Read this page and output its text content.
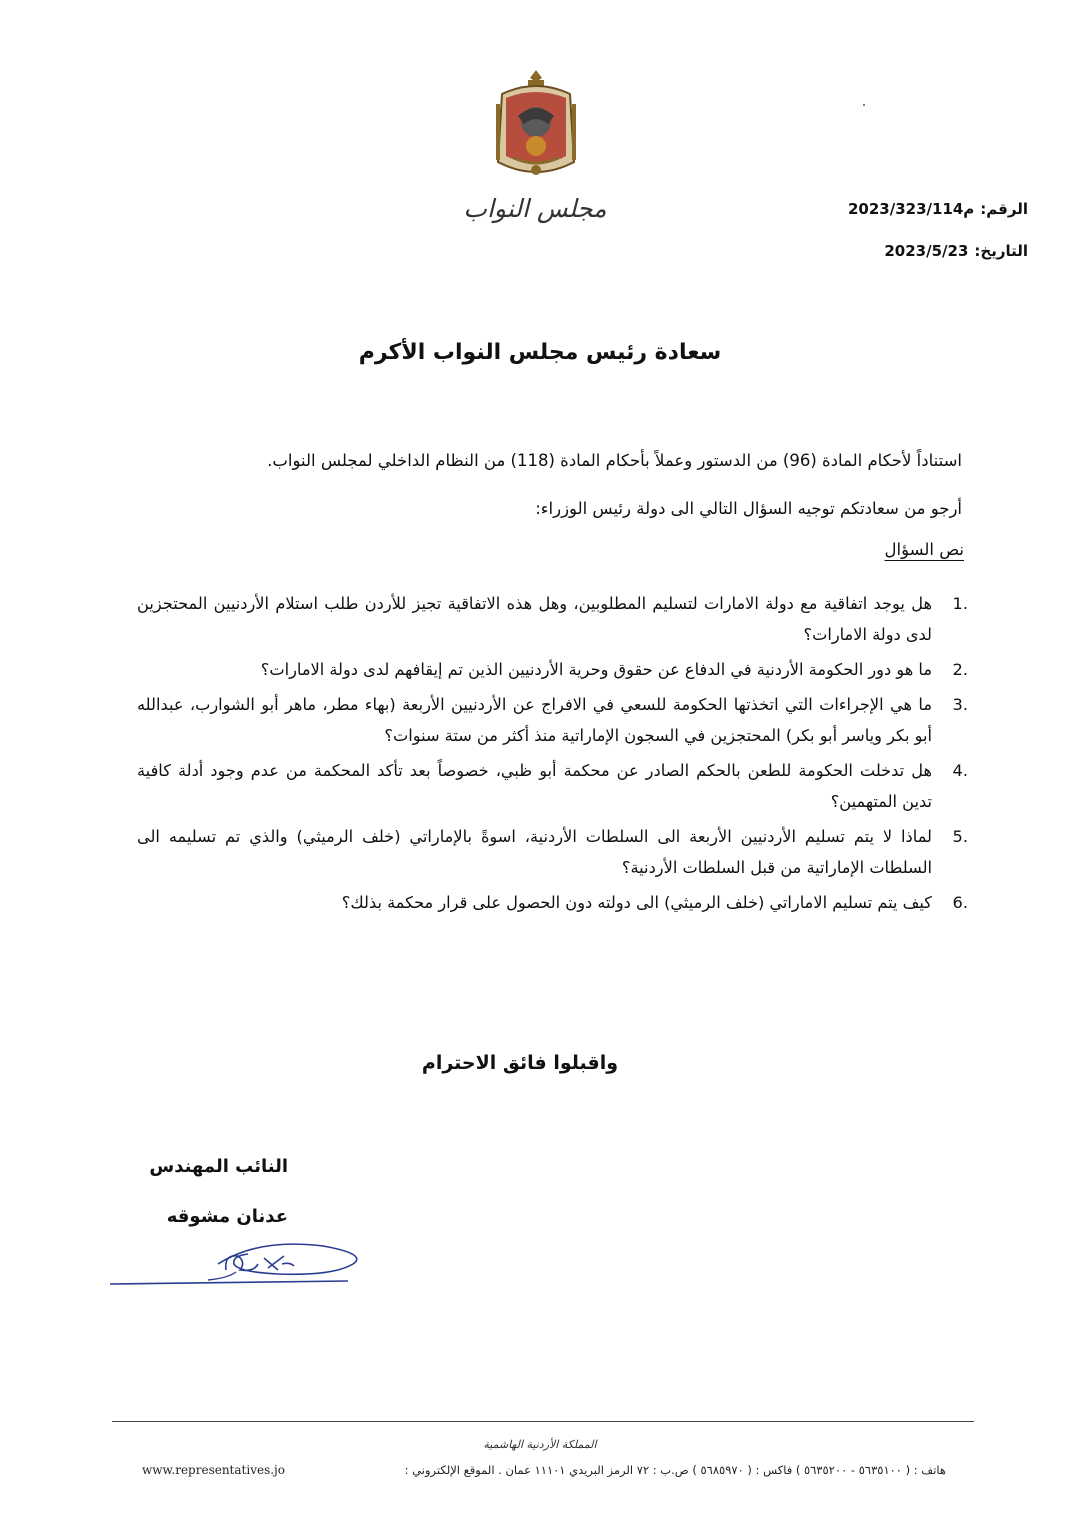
مجلس النواب	الرقم:م2023/323/114
التاريخ:2023/5/23
سعادة رئيس مجلس النواب الأكرم
استناداً لأحكام المادة (96) من الدستور وعملاً بأحكام المادة (118) من النظام الداخلي لمجلس النواب.
أرجو من سعادتكم توجيه السؤال التالي الى دولة رئيس الوزراء:
نص السؤال
1.
هل يوجد اتفاقية مع دولة الامارات لتسليم المطلوبين، وهل هذه الاتفاقية تجيز للأردن طلب استلام الأردنيين المحتجزين لدى دولة الامارات؟
2.
ما هو دور الحكومة الأردنية في الدفاع عن حقوق وحرية الأردنيين الذين تم إيقافهم لدى دولة الامارات؟
3.
ما هي الإجراءات التي اتخذتها الحكومة للسعي في الافراج عن الأردنيين الأربعة (بهاء مطر، ماهر أبو الشوارب، عبدالله أبو بكر وياسر أبو بكر) المحتجزين في السجون الإماراتية منذ أكثر من ستة سنوات؟
4.
هل تدخلت الحكومة للطعن بالحكم الصادر عن محكمة أبو ظبي، خصوصاً بعد تأكد المحكمة من عدم وجود أدلة كافية تدين المتهمين؟
5.
لماذا لا يتم تسليم الأردنيين الأربعة الى السلطات الأردنية، اسوةً بالإماراتي (خلف الرميثي) والذي تم تسليمه الى السلطات الإماراتية من قبل السلطات الأردنية؟
6.
كيف يتم تسليم الاماراتي (خلف الرميثي) الى دولته دون الحصول على قرار محكمة بذلك؟
واقبلوا فائق الاحترام
النائب المهندس
عدنان مشوقه
المملكة الأردنية الهاشمية
هاتف : ( ٥٦٣٥١٠٠ - ٥٦٣٥٢٠٠ ) فاكس : ( ٥٦٨٥٩٧٠ ) ص.ب : ٧٢ الرمز البريدي ١١١٠١ عمان . الموقع الإلكتروني :
www.representatives.jo
